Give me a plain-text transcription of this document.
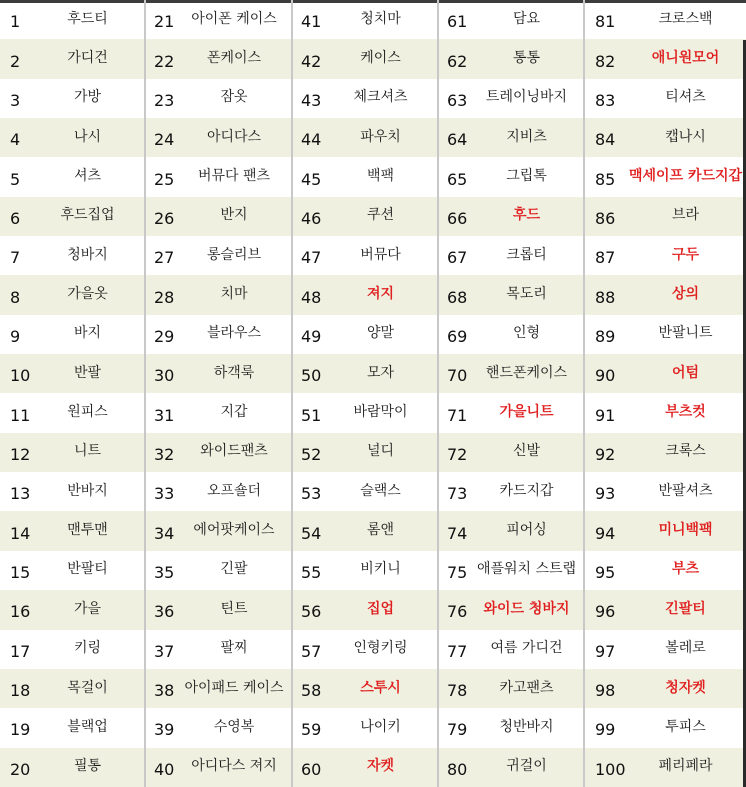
1	후드티
2	가디건
3	가방
4	나시
5	셔츠
6	후드집업
7	청바지
8	가을옷
9	바지
10	반팔
11	원피스
12	니트
13	반바지
14	맨투맨
15	반팔티
16	가을
17	키링
18	목걸이
19	블랙업
20	필통
21	아이폰 케이스
22	폰케이스
23	잠옷
24	아디다스
25	버뮤다 팬츠
26	반지
27	롱슬리브
28	치마
29	블라우스
30	하객룩
31	지갑
32	와이드팬츠
33	오프숄더
34	에어팟케이스
35	긴팔
36	틴트
37	팔찌
38 아이패드 케이스
39	수영복
40	아디다스 져지
41	청치마
42	케이스
43	체크셔츠
44	파우치
45	백팩
46	쿠션
47	버뮤다
48	져지
49	양말
50	모자
51	바람막이
52	널디
53	슬랙스
54	롬앤
55	비키니
56	집업
57	인형키링
58	스투시
59	나이키
60	자켓
61	담요
62	통통
63	트레이닝바지
64	지비츠
65	그립톡
66	후드
67	크롭티
68	목도리
69	인형
70	핸드폰케이스
71	가을니트
72	신발
73	카드지갑
74	피어싱
75 애플워치 스트랩
76	와이드 청바지
77	여름 가디건
78	카고팬츠
79	청반바지
80	귀걸이
81	크로스백
82	애니원모어
83	티셔츠
84	캡나시
85 맥세이프 카드지갑
86	브라
87	구두
88	상의
89	반팔니트
90	어텀
91	부츠컷
92	크록스
93	반팔셔츠
94	미니백팩
95	부츠
96	긴팔티
97	볼레로
98	청자켓
99	투피스
100	페리페라
